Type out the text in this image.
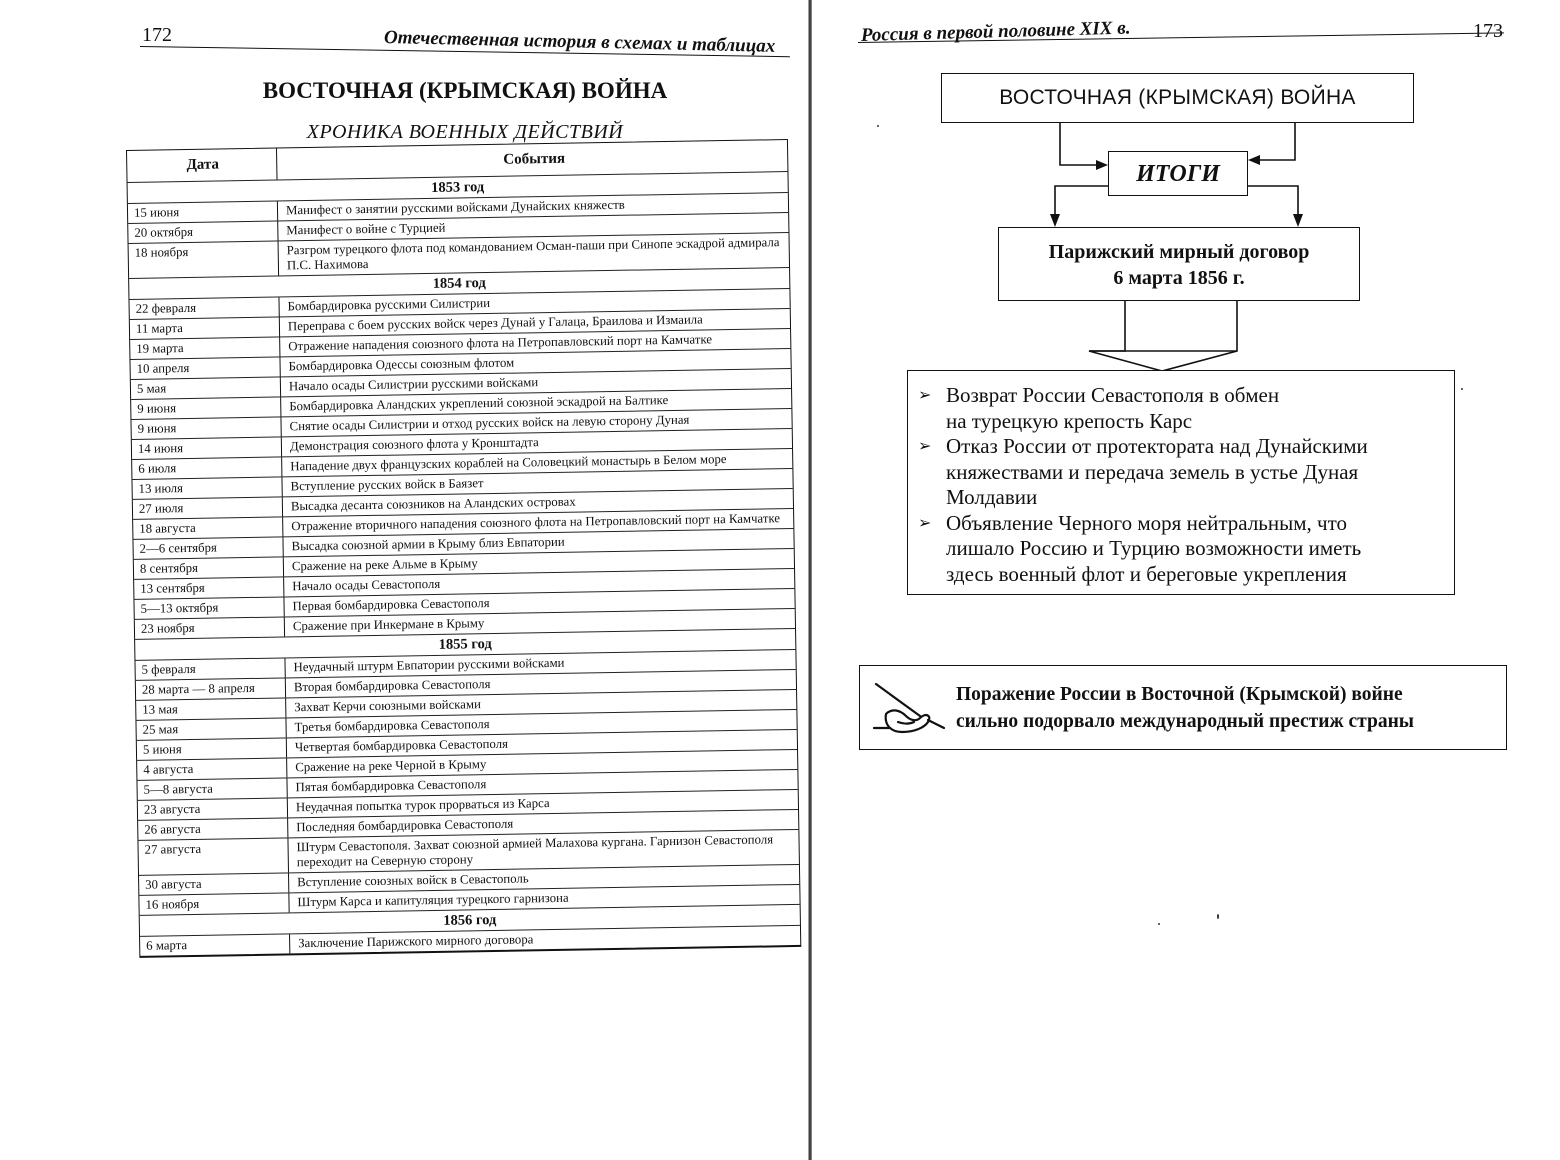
172	Отечественная история в схемах и таблицах
ВОСТОЧНАЯ (КРЫМСКАЯ) ВОЙНА
ХРОНИКА ВОЕННЫХ ДЕЙСТВИЙ
Дата	События
1853 год
15 июня	Манифест о занятии русскими войсками Дунайских княжеств
20 октября	Манифест о войне с Турцией
18 ноября	Разгром турецкого флота под командованием Осман-паши при Синопе эскадрой адмирала П.С. Нахимова
1854 год
22 февраля	Бомбардировка русскими Силистрии
11 марта	Переправа с боем русских войск через Дунай у Галаца, Браилова и Измаила
19 марта	Отражение нападения союзного флота на Петропавловский порт на Камчатке
10 апреля	Бомбардировка Одессы союзным флотом
5 мая	Начало осады Силистрии русскими войсками
9 июня	Бомбардировка Аландских укреплений союзной эскадрой на Балтике
9 июня	Снятие осады Силистрии и отход русских войск на левую сторону Дуная
14 июня	Демонстрация союзного флота у Кронштадта
6 июля	Нападение двух французских кораблей на Соловецкий монастырь в Белом море
13 июля	Вступление русских войск в Баязет
27 июля	Высадка десанта союзников на Аландских островах
18 августа	Отражение вторичного нападения союзного флота на Петропавловский порт на Камчатке
2—6 сентября	Высадка союзной армии в Крыму близ Евпатории
8 сентября	Сражение на реке Альме в Крыму
13 сентября	Начало осады Севастополя
5—13 октября	Первая бомбардировка Севастополя
23 ноября	Сражение при Инкермане в Крыму
1855 год
5 февраля	Неудачный штурм Евпатории русскими войсками
28 марта — 8 апреля	Вторая бомбардировка Севастополя
13 мая	Захват Керчи союзными войсками
25 мая	Третья бомбардировка Севастополя
5 июня	Четвертая бомбардировка Севастополя
4 августа	Сражение на реке Черной в Крыму
5—8 августа	Пятая бомбардировка Севастополя
23 августа	Неудачная попытка турок прорваться из Карса
26 августа	Последняя бомбардировка Севастополя
27 августа	Штурм Севастополя. Захват союзной армией Малахова кургана. Гарнизон Севастополя переходит на Северную сторону
30 августа	Вступление союзных войск в Севастополь
16 ноября	Штурм Карса и капитуляция турецкого гарнизона
1856 год
6 марта	Заключение Парижского мирного договора
173
Россия в первой половине XIX в.
ВОСТОЧНАЯ (КРЫМСКАЯ) ВОЙНА
ИТОГИ
Парижский мирный договор
6 марта 1856 г.
➢ Возврат России Севастополя в обмен
на турецкую крепость Карс
➢ Отказ России от протектората над Дунайскими
княжествами и передача земель в устье Дуная
Молдавии
➢ Объявление Черного моря нейтральным, что
лишало Россию и Турцию возможности иметь
здесь военный флот и береговые укрепления
Поражение России в Восточной (Крымской) войне
сильно подорвало международный престиж страны
